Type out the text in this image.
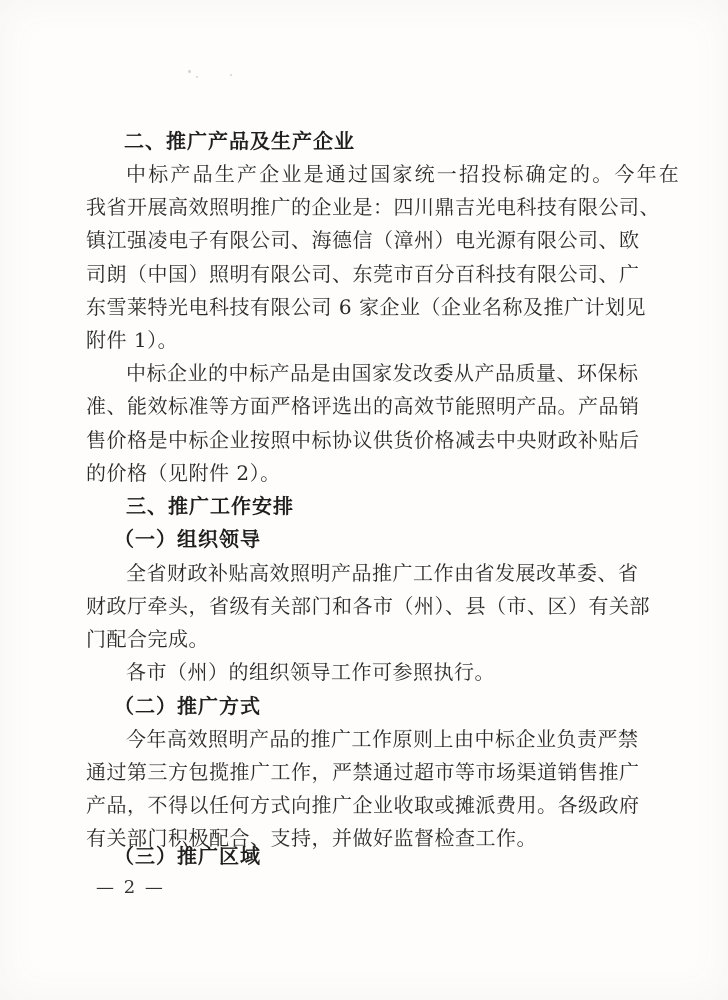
二、推广产品及生产企业
中标产品生产企业是通过国家统一招投标确定的。今年在
我省开展高效照明推广的企业是：四川鼎吉光电科技有限公司、
镇江强凌电子有限公司、海德信（漳州）电光源有限公司、欧
司朗（中国）照明有限公司、东莞市百分百科技有限公司、广
东雪莱特光电科技有限公司 6 家企业（企业名称及推广计划见
附件 1）。
中标企业的中标产品是由国家发改委从产品质量、环保标
准、能效标准等方面严格评选出的高效节能照明产品。产品销
售价格是中标企业按照中标协议供货价格减去中央财政补贴后
的价格（见附件 2）。
三、推广工作安排
（一）组织领导
全省财政补贴高效照明产品推广工作由省发展改革委、省
财政厅牵头，省级有关部门和各市（州）、县（市、区）有关部
门配合完成。
各市（州）的组织领导工作可参照执行。
（二）推广方式
今年高效照明产品的推广工作原则上由中标企业负责严禁
通过第三方包揽推广工作，严禁通过超市等市场渠道销售推广
产品，不得以任何方式向推广企业收取或摊派费用。各级政府
有关部门积极配合、支持，并做好监督检查工作。
（三）推广区域
— 2 —
